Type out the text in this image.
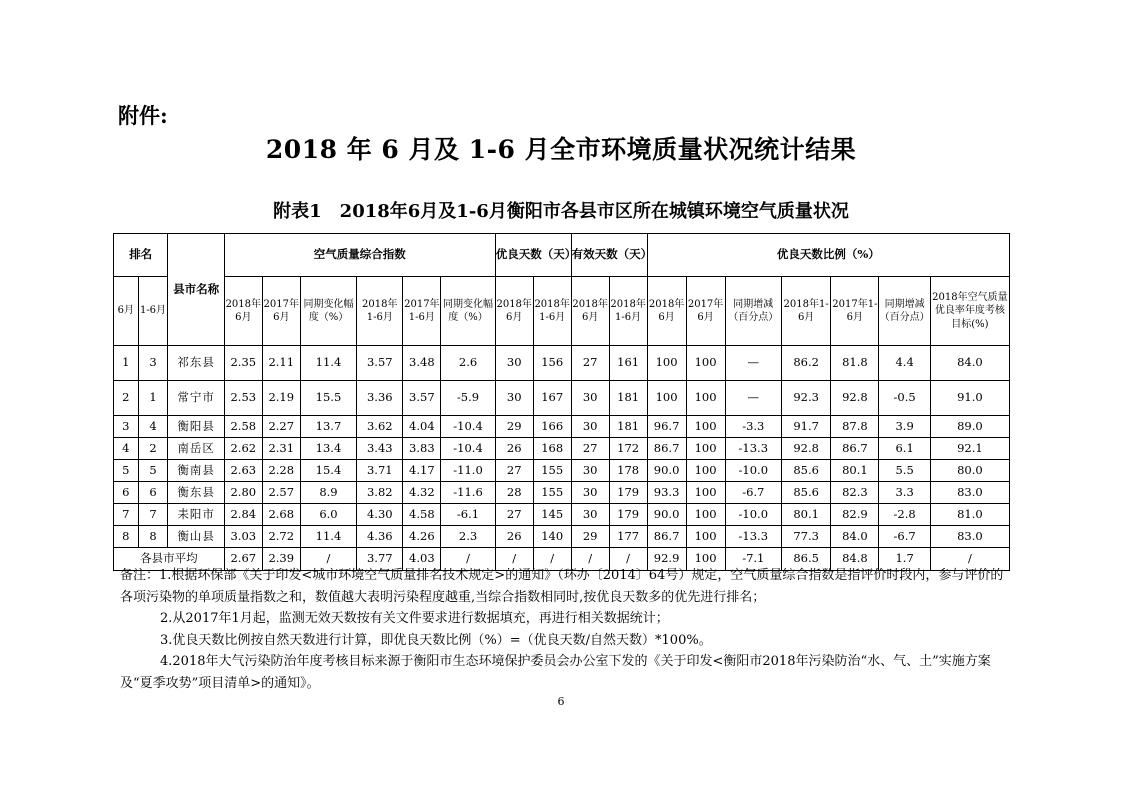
附件:
2018 年 6 月及 1-6 月全市环境质量状况统计结果
附表1　2018年6月及1-6月衡阳市各县市区所在城镇环境空气质量状况
排名		县市名称	空气质量综合指数						优良天数（天）		有效天数（天）		优良天数比例（%）						
6月	1-6月		2018年6月	2017年6月	同期变化幅度（%）	2018年1-6月	2017年1-6月	同期变化幅度（%）	2018年6月	2018年1-6月	2018年6月	2018年1-6月	2018年6月	2017年6月	同期增减（百分点）	2018年1-6月	2017年1-6月	同期增减（百分点）	2018年空气质量优良率年度考核目标(%)
1	3	祁东县	2.35	2.11	11.4	3.57	3.48	2.6	30	156	27	161	100	100	—	86.2	81.8	4.4	84.0
2	1	常宁市	2.53	2.19	15.5	3.36	3.57	-5.9	30	167	30	181	100	100	—	92.3	92.8	-0.5	91.0
3	4	衡阳县	2.58	2.27	13.7	3.62	4.04	-10.4	29	166	30	181	96.7	100	-3.3	91.7	87.8	3.9	89.0
4	2	南岳区	2.62	2.31	13.4	3.43	3.83	-10.4	26	168	27	172	86.7	100	-13.3	92.8	86.7	6.1	92.1
5	5	衡南县	2.63	2.28	15.4	3.71	4.17	-11.0	27	155	30	178	90.0	100	-10.0	85.6	80.1	5.5	80.0
6	6	衡东县	2.80	2.57	8.9	3.82	4.32	-11.6	28	155	30	179	93.3	100	-6.7	85.6	82.3	3.3	83.0
7	7	耒阳市	2.84	2.68	6.0	4.30	4.58	-6.1	27	145	30	179	90.0	100	-10.0	80.1	82.9	-2.8	81.0
8	8	衡山县	3.03	2.72	11.4	4.36	4.26	2.3	26	140	29	177	86.7	100	-13.3	77.3	84.0	-6.7	83.0
各县市平均			2.67	2.39	/	3.77	4.03	/	/	/	/	/	92.9	100	-7.1	86.5	84.8	1.7	/

备注：1.根据环保部《关于印发<城市环境空气质量排名技术规定>的通知》（环办〔2014〕64号）规定，空气质量综合指数是指评价时段内，参与评价的各项污染物的单项质量指数之和，数值越大表明污染程度越重,当综合指数相同时,按优良天数多的优先进行排名；

2.从2017年1月起，监测无效天数按有关文件要求进行数据填充，再进行相关数据统计；

3.优良天数比例按自然天数进行计算，即优良天数比例（%）=（优良天数/自然天数）*100%。

4.2018年大气污染防治年度考核目标来源于衡阳市生态环境保护委员会办公室下发的《关于印发<衡阳市2018年污染防治“水、气、土”实施方案及“夏季攻势”项目清单>的通知》。

6
